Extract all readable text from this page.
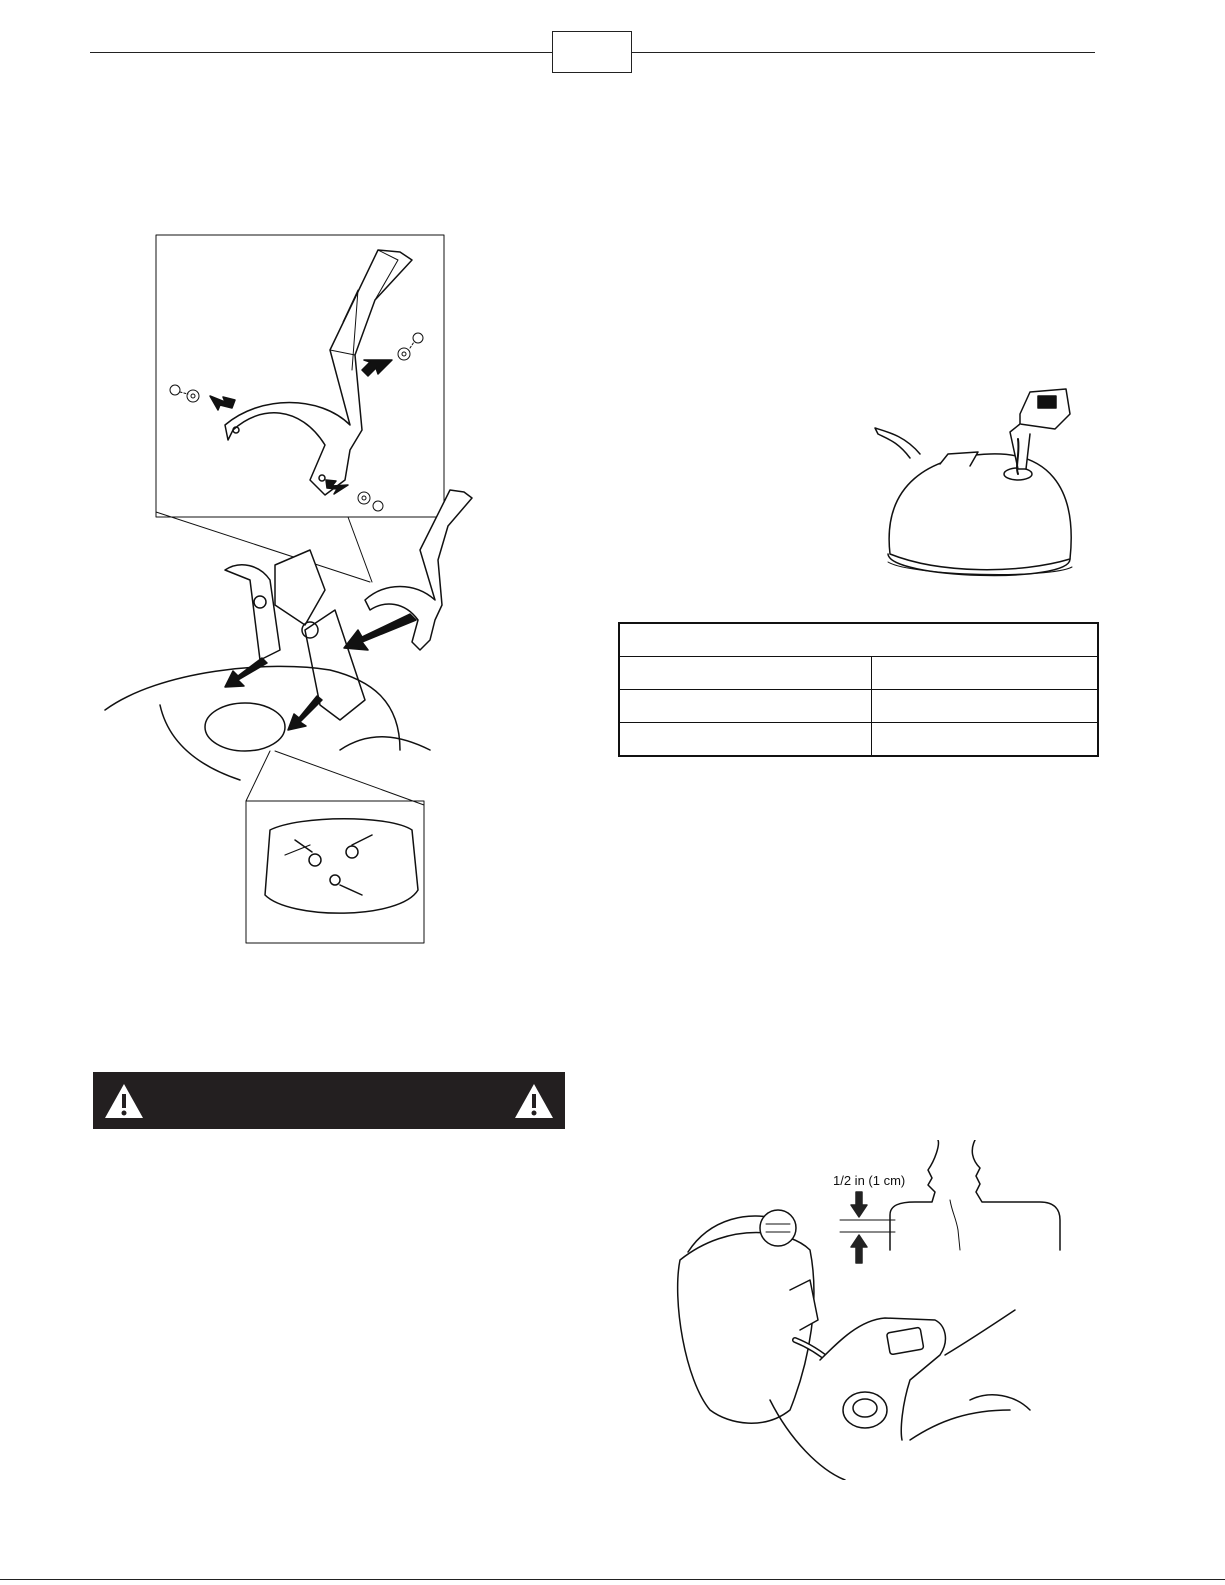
1/2 in (1 cm)
